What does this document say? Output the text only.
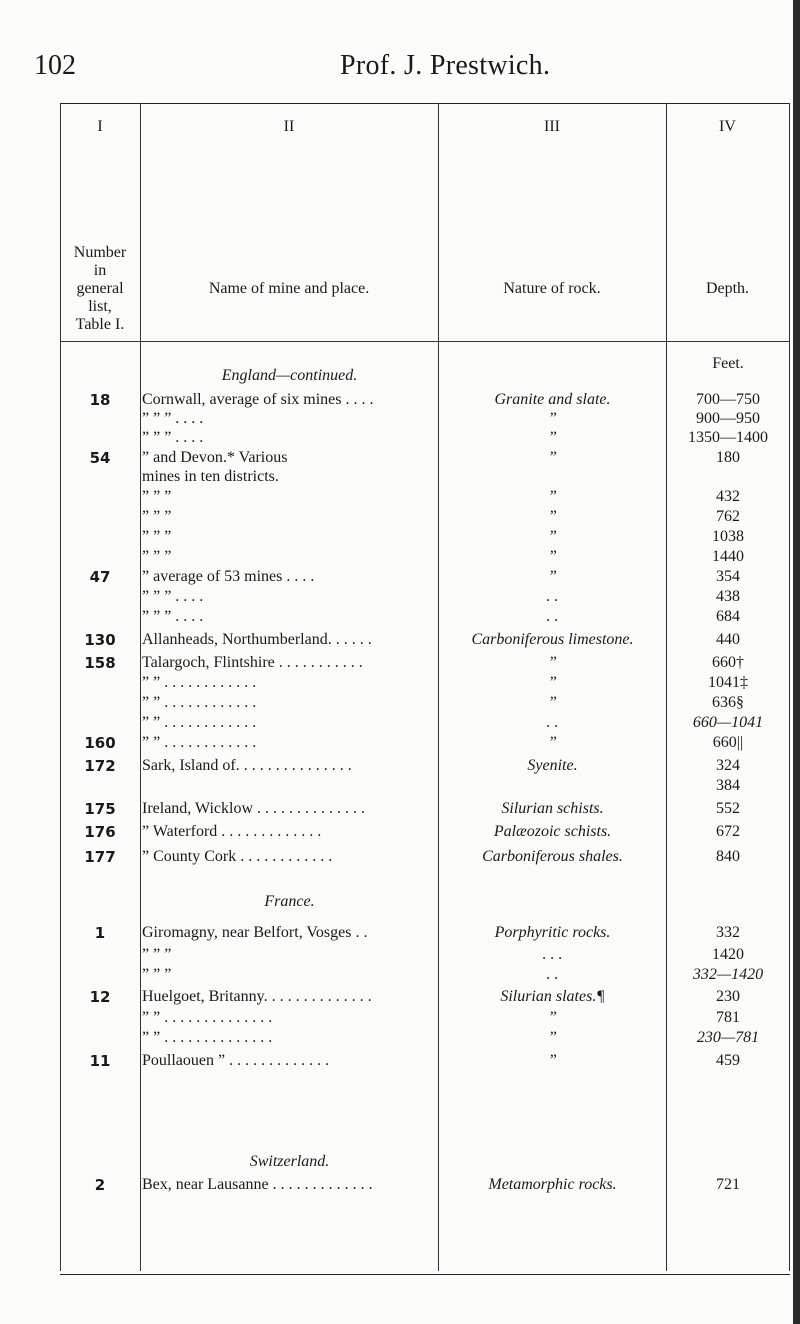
102	Prof. J. Prestwich.
I	II	III	IV
Number
in
general
list,
Table I.
Name of mine and place.	Nature of rock.	Depth.
Feet.
England—continued.
France.
Switzerland.
18	Cornwall, average of six mines . . . .	Granite and slate.	700—750
” ” ” . . . .	”	900—950
” ” ” . . . .	”	1350—1400
54	” and Devon.* Various	”	180
mines in ten districts.
” ” ”	”	432
” ” ”	”	762
” ” ”	”	1038
” ” ”	”	1440
47	” average of 53 mines . . . .	”	354
” ” ” . . . .	. .	438
” ” ” . . . .	. .	684
130	Allanheads, Northumberland. . . . . .	Carboniferous limestone.	440
158	Talargoch, Flintshire . . . . . . . . . . .	”	660†
” ” . . . . . . . . . . . .	”	1041‡
” ” . . . . . . . . . . . .	”	636§
” ” . . . . . . . . . . . .	. .	660—1041
160	” ” . . . . . . . . . . . .	”	660||
172	Sark, Island of. . . . . . . . . . . . . . .	Syenite.	324
384
175	Ireland, Wicklow . . . . . . . . . . . . . .	Silurian schists.	552
176	” Waterford . . . . . . . . . . . . .	Palæozoic schists.	672
177	” County Cork . . . . . . . . . . . .	Carboniferous shales.	840
1	Giromagny, near Belfort, Vosges . .	Porphyritic rocks.	332
” ” ”	. . .	1420
” ” ”	. .	332—1420
12	Huelgoet, Britanny. . . . . . . . . . . . . .	Silurian slates.¶	230
” ” . . . . . . . . . . . . . .	”	781
” ” . . . . . . . . . . . . . .	”	230—781
11	Poullaouen ” . . . . . . . . . . . . .	”	459
2	Bex, near Lausanne . . . . . . . . . . . . .	Metamorphic rocks.	721
